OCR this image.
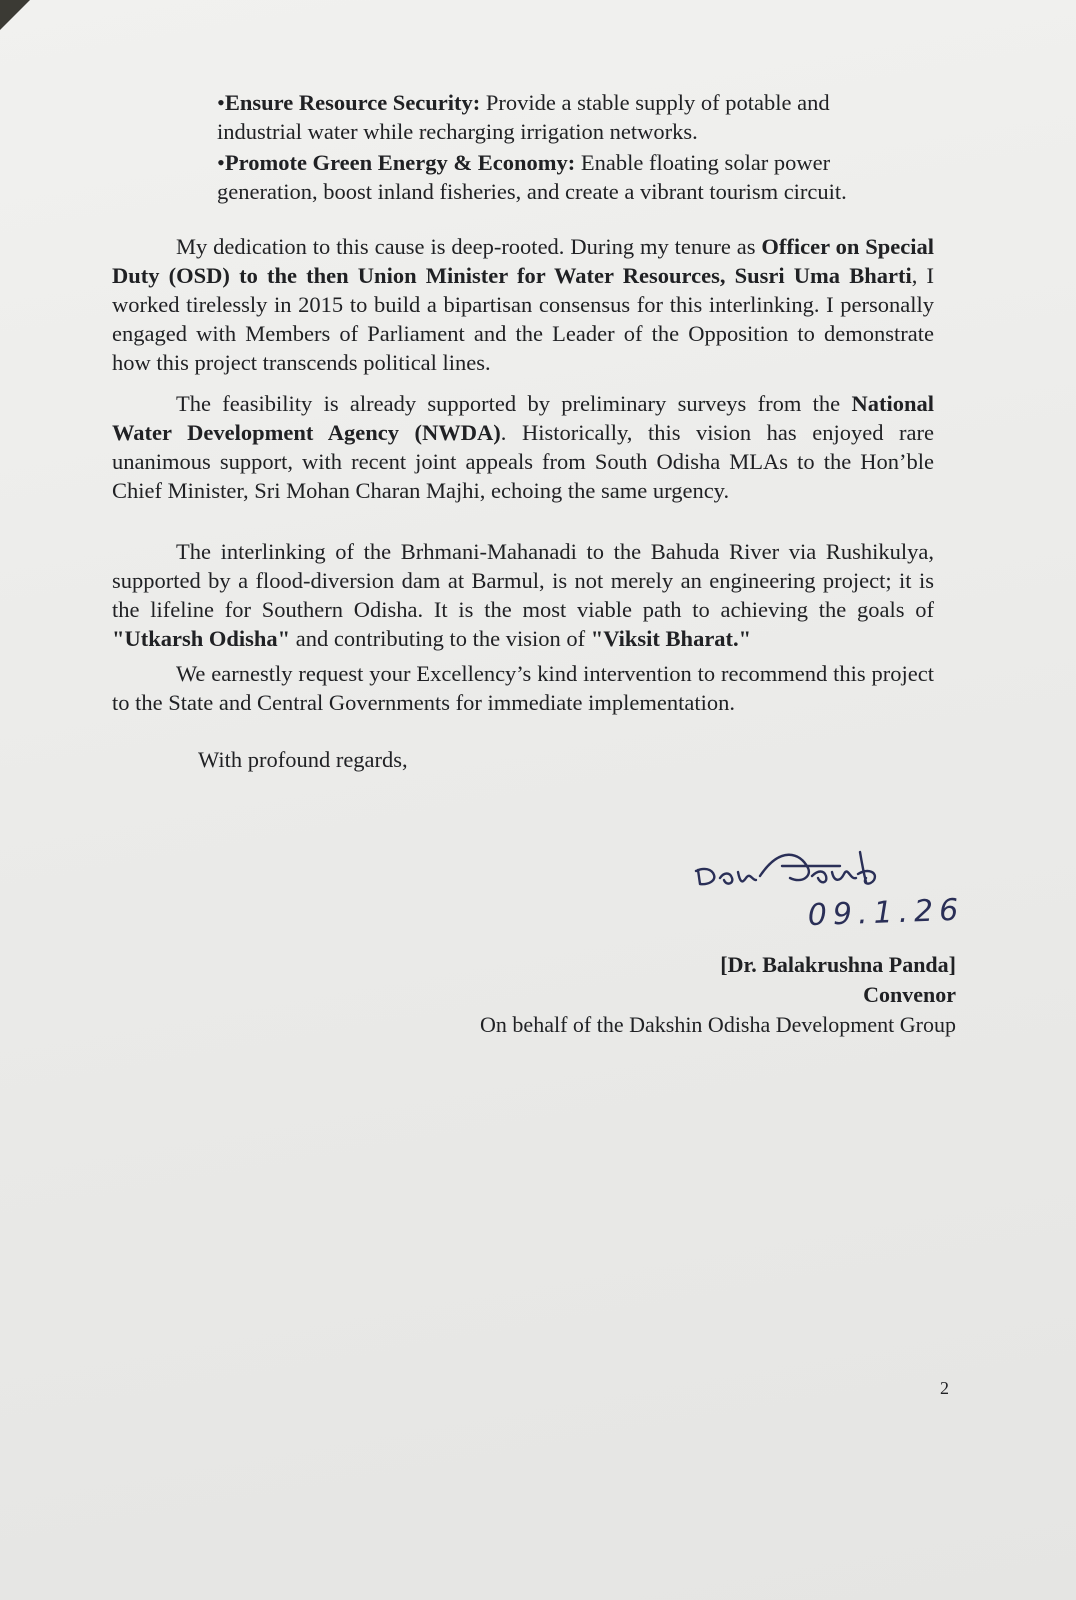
•Ensure Resource Security: Provide a stable supply of potable and industrial water while recharging irrigation networks.

•Promote Green Energy & Economy: Enable floating solar power generation, boost inland fisheries, and create a vibrant tourism circuit.

My dedication to this cause is deep-rooted. During my tenure as Officer on Special Duty (OSD) to the then Union Minister for Water Resources, Susri Uma Bharti, I worked tirelessly in 2015 to build a bipartisan consensus for this interlinking. I personally engaged with Members of Parliament and the Leader of the Opposition to demonstrate how this project transcends political lines.

The feasibility is already supported by preliminary surveys from the National Water Development Agency (NWDA). Historically, this vision has enjoyed rare unanimous support, with recent joint appeals from South Odisha MLAs to the Hon’ble Chief Minister, Sri Mohan Charan Majhi, echoing the same urgency.

The interlinking of the Brhmani-Mahanadi to the Bahuda River via Rushikulya, supported by a flood-diversion dam at Barmul, is not merely an engineering project; it is the lifeline for Southern Odisha. It is the most viable path to achieving the goals of "Utkarsh Odisha" and contributing to the vision of "Viksit Bharat."

We earnestly request your Excellency’s kind intervention to recommend this project to the State and Central Governments for immediate implementation.

With profound regards,

09.1.26
[Dr. Balakrushna Panda]
Convenor
On behalf of the Dakshin Odisha Development Group
2
